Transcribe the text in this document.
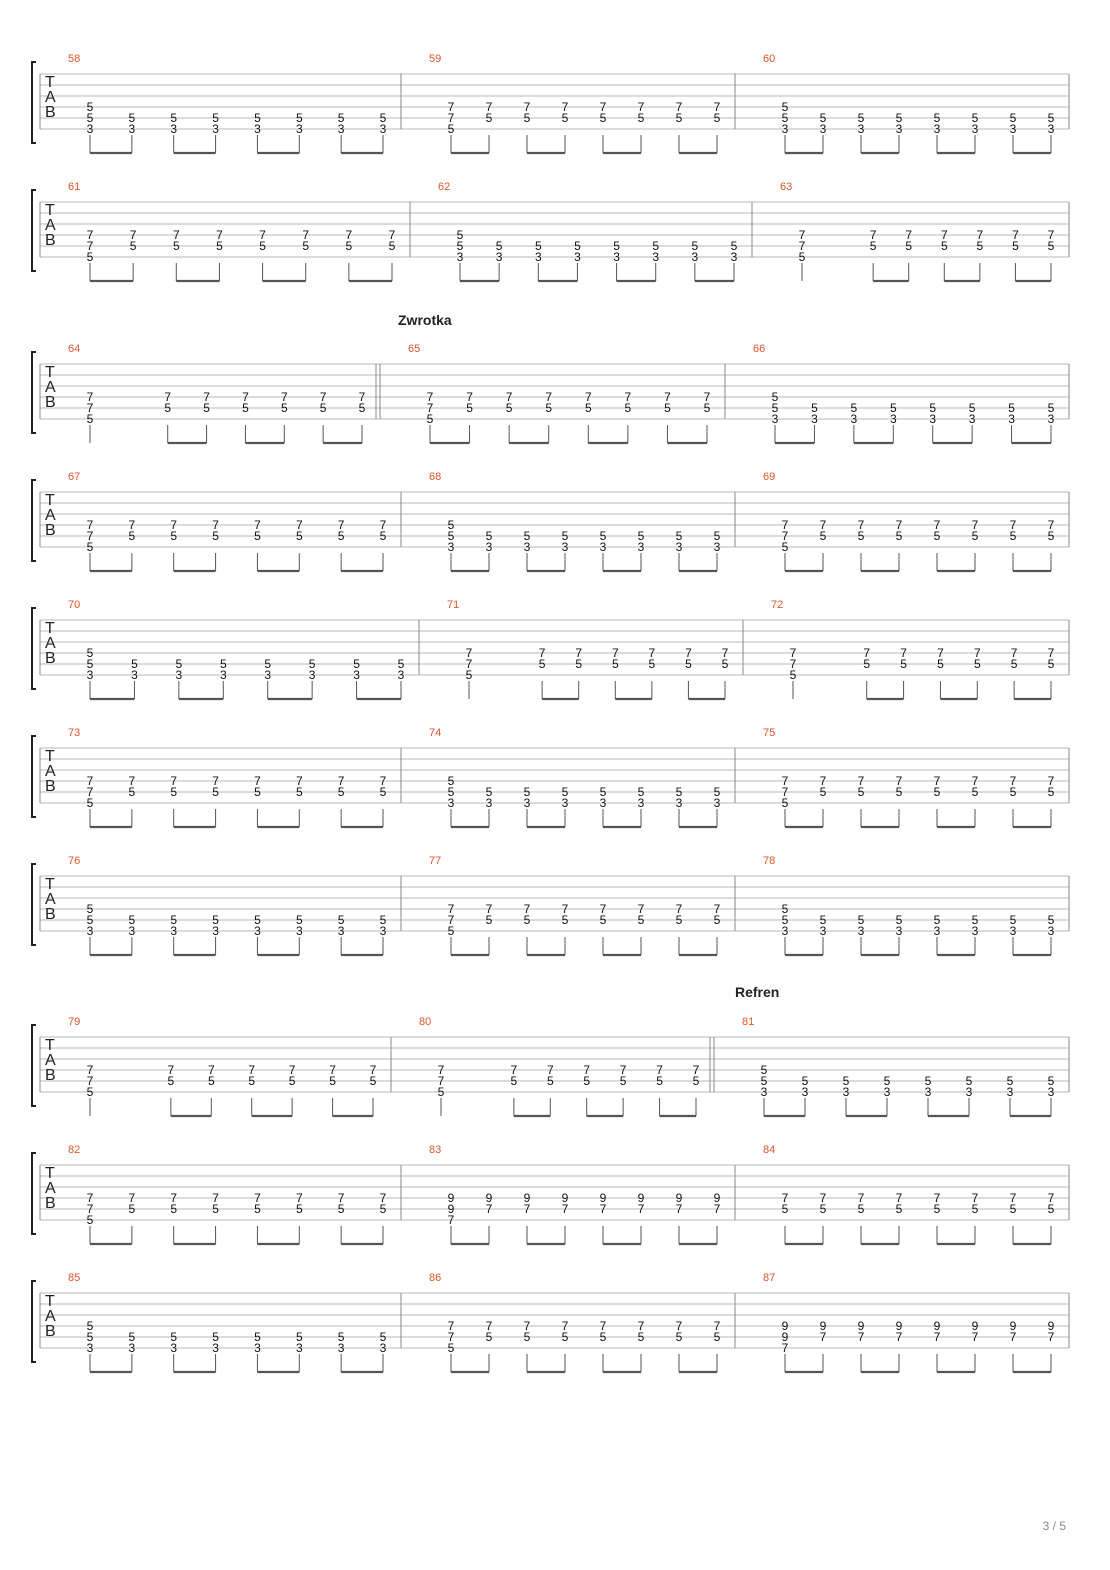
T
A
B
58
3
5
5
3
5
3
5
3
5
3
5
3
5
3
5
3
5
59
5
7
7
5
7
5
7
5
7
5
7
5
7
5
7
5
7
60
3
5
5
3
5
3
5
3
5
3
5
3
5
3
5
3
5
T
A
B
61
5
7
7
5
7
5
7
5
7
5
7
5
7
5
7
5
7
62
3
5
5
3
5
3
5
3
5
3
5
3
5
3
5
3
5
63
5
7
7
5
7
5
7
5
7
5
7
5
7
5
7
T
A
B
64
5
7
7
5
7
5
7
5
7
5
7
5
7
5
7
65
5
7
7
5
7
5
7
5
7
5
7
5
7
5
7
5
7
66
3
5
5
3
5
3
5
3
5
3
5
3
5
3
5
3
5
T
A
B
67
5
7
7
5
7
5
7
5
7
5
7
5
7
5
7
5
7
68
3
5
5
3
5
3
5
3
5
3
5
3
5
3
5
3
5
69
5
7
7
5
7
5
7
5
7
5
7
5
7
5
7
5
7
T
A
B
70
3
5
5
3
5
3
5
3
5
3
5
3
5
3
5
3
5
71
5
7
7
5
7
5
7
5
7
5
7
5
7
5
7
72
5
7
7
5
7
5
7
5
7
5
7
5
7
5
7
T
A
B
73
5
7
7
5
7
5
7
5
7
5
7
5
7
5
7
5
7
74
3
5
5
3
5
3
5
3
5
3
5
3
5
3
5
3
5
75
5
7
7
5
7
5
7
5
7
5
7
5
7
5
7
5
7
T
A
B
76
3
5
5
3
5
3
5
3
5
3
5
3
5
3
5
3
5
77
5
7
7
5
7
5
7
5
7
5
7
5
7
5
7
5
7
78
3
5
5
3
5
3
5
3
5
3
5
3
5
3
5
3
5
T
A
B
79
5
7
7
5
7
5
7
5
7
5
7
5
7
5
7
80
5
7
7
5
7
5
7
5
7
5
7
5
7
5
7
81
3
5
5
3
5
3
5
3
5
3
5
3
5
3
5
3
5
T
A
B
82
5
7
7
5
7
5
7
5
7
5
7
5
7
5
7
5
7
83
7
9
9
7
9
7
9
7
9
7
9
7
9
7
9
7
9
84
5
7
5
7
5
7
5
7
5
7
5
7
5
7
5
7
T
A
B
85
3
5
5
3
5
3
5
3
5
3
5
3
5
3
5
3
5
86
5
7
7
5
7
5
7
5
7
5
7
5
7
5
7
5
7
87
7
9
9
7
9
7
9
7
9
7
9
7
9
7
9
7
9
Zwrotka
Refren
3 / 5
